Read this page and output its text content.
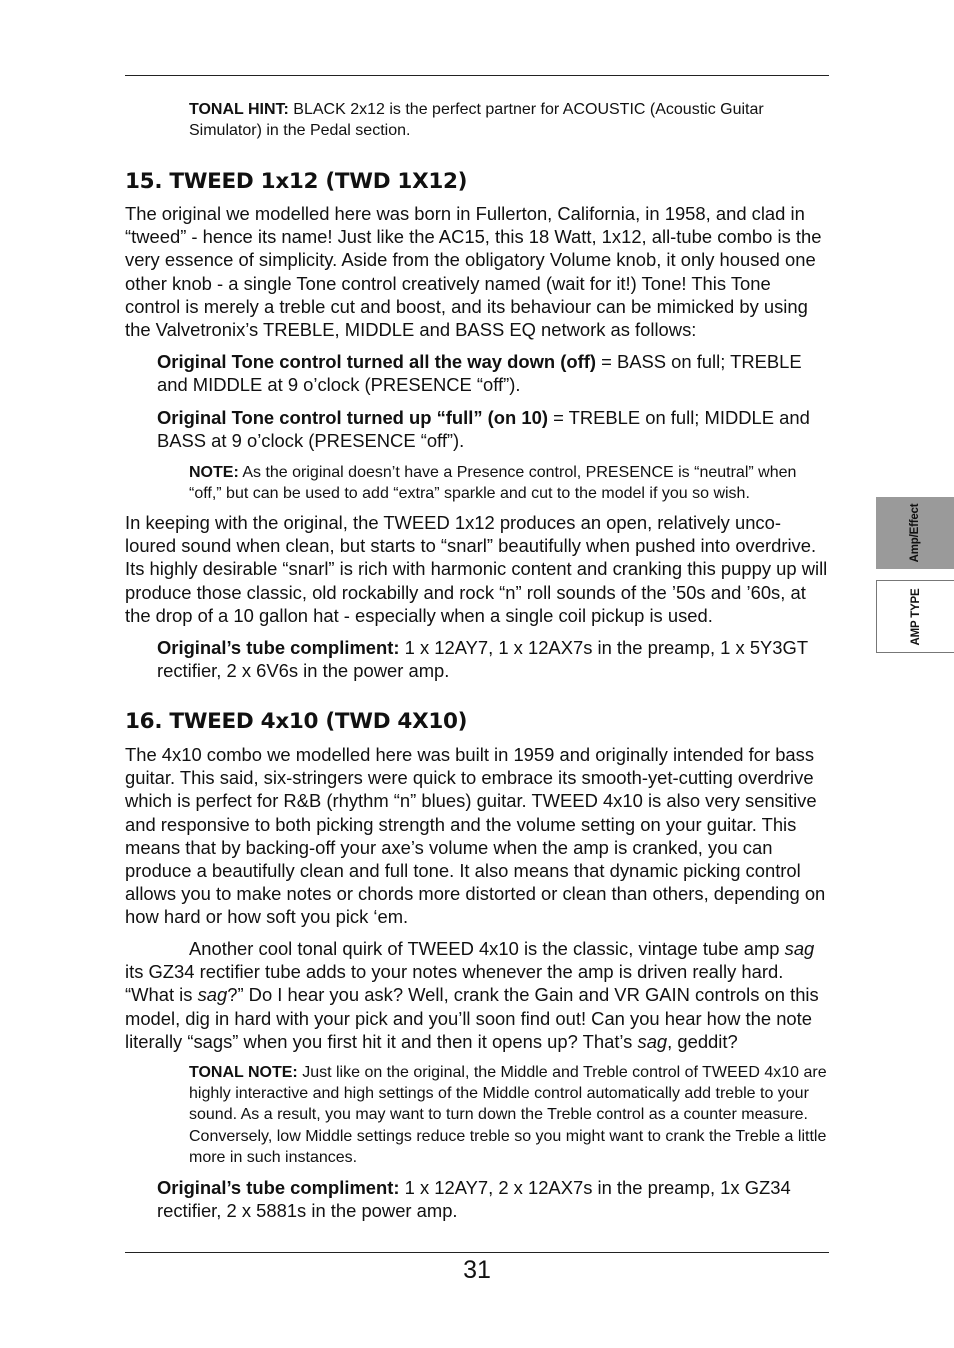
TONAL HINT: BLACK 2x12 is the perfect partner for ACOUSTIC (Acoustic Guitar Simulator) in the Pedal section.

15. TWEED 1x12 (TWD 1X12)

The original we modelled here was born in Fullerton, California, in 1958, and clad in “tweed” - hence its name! Just like the AC15, this 18 Watt, 1x12, all-tube combo is the very essence of simplicity. Aside from the obligatory Volume knob, it only housed one other knob - a single Tone control creatively named (wait for it!) Tone! This Tone control is merely a treble cut and boost, and its behaviour can be mimicked by using the Valvetronix’s TREBLE, MIDDLE and BASS EQ network as follows:

Original Tone control turned all the way down (off) = BASS on full; TREBLE and MIDDLE at 9 o’clock (PRESENCE “off”).

Original Tone control turned up “full” (on 10) = TREBLE on full; MIDDLE and BASS at 9 o’clock (PRESENCE “off”).

NOTE: As the original doesn’t have a Presence control, PRESENCE is “neutral” when “off,” but can be used to add “extra” sparkle and cut to the model if you so wish.

In keeping with the original, the TWEED 1x12 produces an open, relatively unco-loured sound when clean, but starts to “snarl” beautifully when pushed into overdrive. Its highly desirable “snarl” is rich with harmonic content and cranking this puppy up will produce those classic, old rockabilly and rock “n” roll sounds of the ’50s and ’60s, at the drop of a 10 gallon hat - especially when a single coil pickup is used.

Original’s tube compliment: 1 x 12AY7, 1 x 12AX7s in the preamp, 1 x 5Y3GT rectifier, 2 x 6V6s in the power amp.

16. TWEED 4x10 (TWD 4X10)

The 4x10 combo we modelled here was built in 1959 and originally intended for bass guitar. This said, six-stringers were quick to embrace its smooth-yet-cutting overdrive which is perfect for R&B (rhythm “n” blues) guitar. TWEED 4x10 is also very sensitive and responsive to both picking strength and the volume setting on your guitar. This means that by backing-off your axe’s volume when the amp is cranked, you can produce a beautifully clean and full tone. It also means that dynamic picking control allows you to make notes or chords more distorted or clean than others, depending on how hard or how soft you pick ‘em.

Another cool tonal quirk of TWEED 4x10 is the classic, vintage tube amp sag its GZ34 rectifier tube adds to your notes whenever the amp is driven really hard. “What is sag?” Do I hear you ask? Well, crank the Gain and VR GAIN controls on this model, dig in hard with your pick and you’ll soon find out! Can you hear how the note literally “sags” when you first hit it and then it opens up? That’s sag, geddit?

TONAL NOTE: Just like on the original, the Middle and Treble control of TWEED 4x10 are highly interactive and high settings of the Middle control automatically add treble to your sound. As a result, you may want to turn down the Treble control as a counter measure. Conversely, low Middle settings reduce treble so you might want to crank the Treble a little more in such instances.

Original’s tube compliment: 1 x 12AY7, 2 x 12AX7s in the preamp, 1x GZ34 rectifier, 2 x 5881s in the power amp.

Amp/Effect
AMP TYPE
31
